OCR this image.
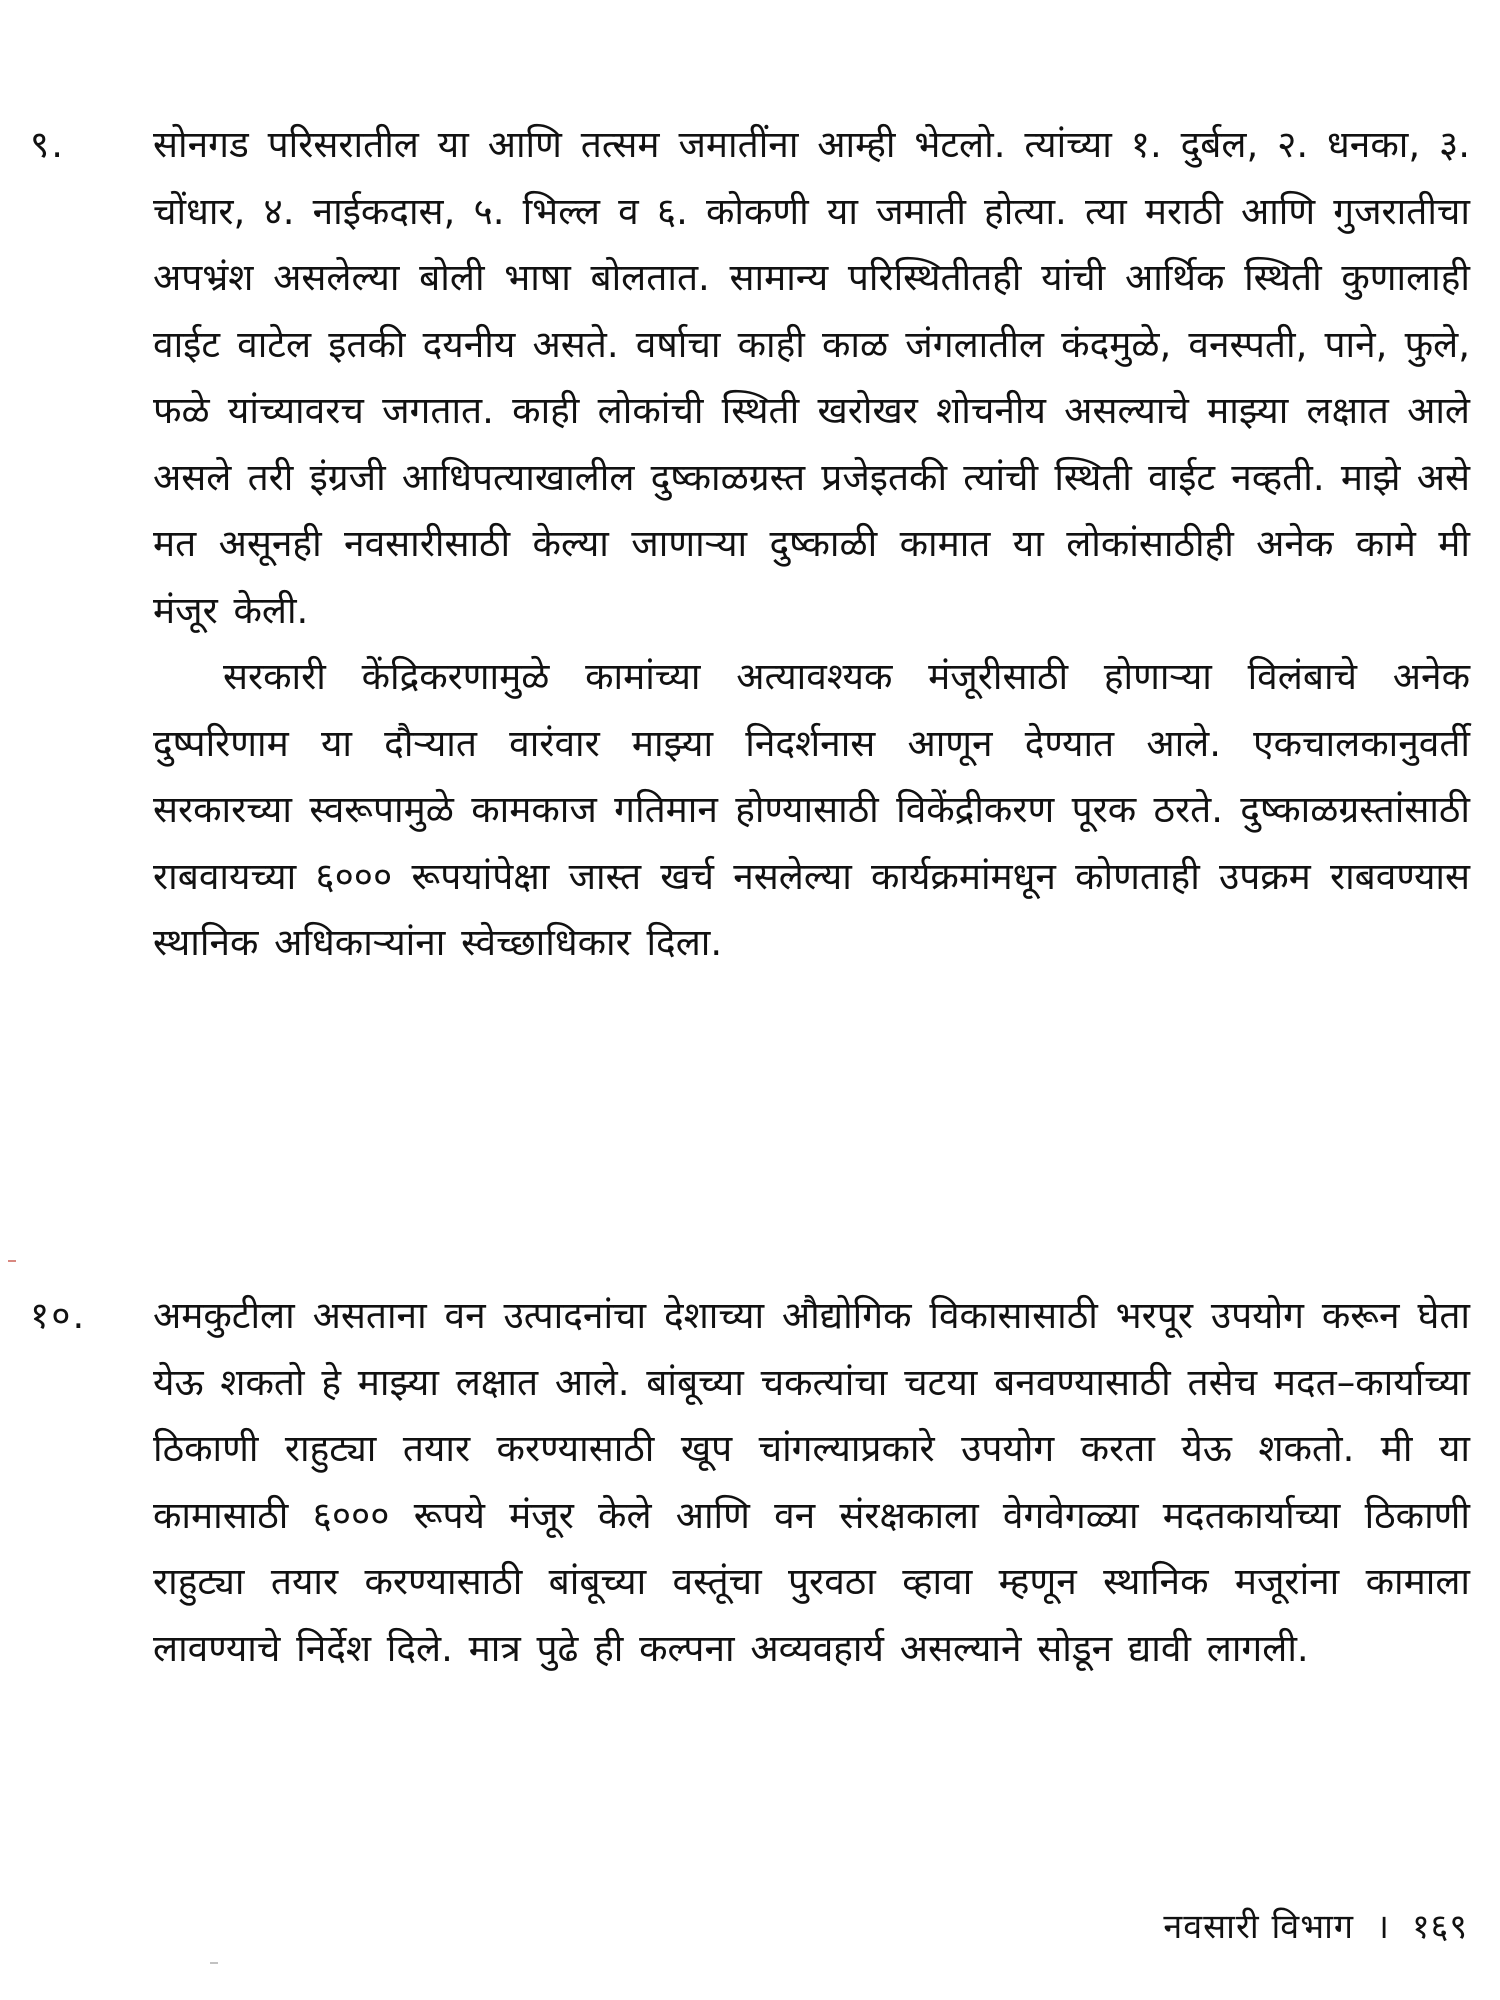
९. सोनगड परिसरातील या आणि तत्सम जमातींना आम्ही भेटलो. त्यांच्या १. दुर्बल, २. धनका, ३. चोंधार, ४. नाईकदास, ५. भिल्ल व ६. कोकणी या जमाती होत्या. त्या मराठी आणि गुजरातीचा अपभ्रंश असलेल्या बोली भाषा बोलतात. सामान्य परिस्थितीतही यांची आर्थिक स्थिती कुणालाही वाईट वाटेल इतकी दयनीय असते. वर्षाचा काही काळ जंगलातील कंदमुळे, वनस्पती, पाने, फुले, फळे यांच्यावरच जगतात. काही लोकांची स्थिती खरोखर शोचनीय असल्याचे माझ्या लक्षात आले असले तरी इंग्रजी आधिपत्याखालील दुष्काळग्रस्त प्रजेइतकी त्यांची स्थिती वाईट नव्हती. माझे असे मत असूनही नवसारीसाठी केल्या जाणाऱ्या दुष्काळी कामात या लोकांसाठीही अनेक कामे मी मंजूर केली.

सरकारी केंद्रिकरणामुळे कामांच्या अत्यावश्यक मंजूरीसाठी होणाऱ्या विलंबाचे अनेक दुष्परिणाम या दौऱ्यात वारंवार माझ्या निदर्शनास आणून देण्यात आले. एकचालकानुवर्ती सरकारच्या स्वरूपामुळे कामकाज गतिमान होण्यासाठी विकेंद्रीकरण पूरक ठरते. दुष्काळग्रस्तांसाठी राबवायच्या ६००० रूपयांपेक्षा जास्त खर्च नसलेल्या कार्यक्रमांमधून कोणताही उपक्रम राबवण्यास स्थानिक अधिकाऱ्यांना स्वेच्छाधिकार दिला.

१०. अमकुटीला असताना वन उत्पादनांचा देशाच्या औद्योगिक विकासासाठी भरपूर उपयोग करून घेता येऊ शकतो हे माझ्या लक्षात आले. बांबूच्या चकत्यांचा चटया बनवण्यासाठी तसेच मदत–कार्याच्या ठिकाणी राहुट्या तयार करण्यासाठी खूप चांगल्याप्रकारे उपयोग करता येऊ शकतो. मी या कामासाठी ६००० रूपये मंजूर केले आणि वन संरक्षकाला वेगवेगळ्या मदतकार्याच्या ठिकाणी राहुट्या तयार करण्यासाठी बांबूच्या वस्तूंचा पुरवठा व्हावा म्हणून स्थानिक मजूरांना कामाला लावण्याचे निर्देश दिले. मात्र पुढे ही कल्पना अव्यवहार्य असल्याने सोडून द्यावी लागली.

नवसारी विभाग । १६९
